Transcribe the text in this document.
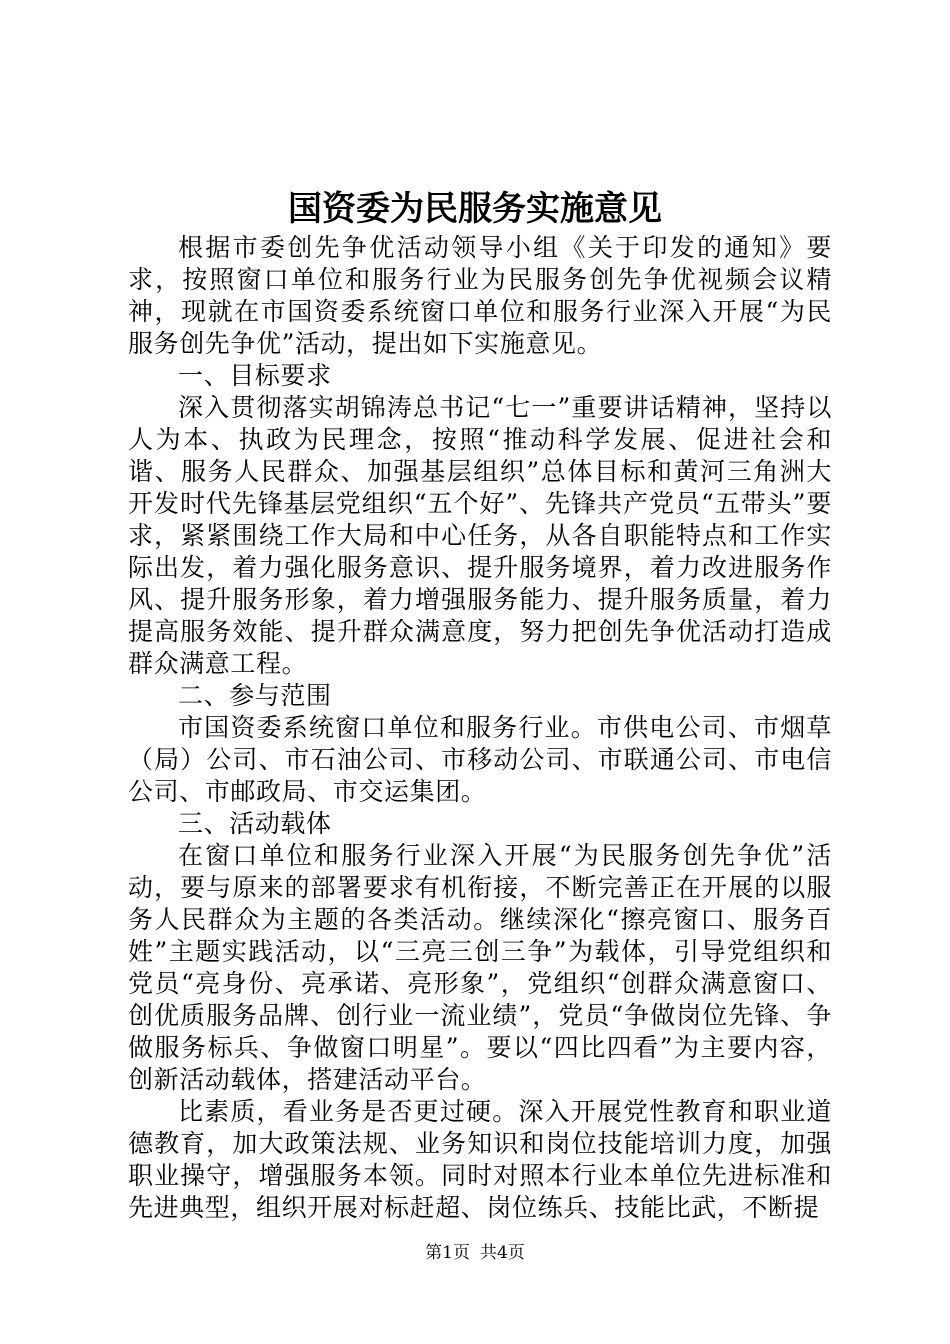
国资委为民服务实施意见

根据市委创先争优活动领导小组《关于印发的通知》要求，按照窗口单位和服务行业为民服务创先争优视频会议精神，现就在市国资委系统窗口单位和服务行业深入开展“为民服务创先争优”活动，提出如下实施意见。

一、目标要求

深入贯彻落实胡锦涛总书记“七一”重要讲话精神，坚持以人为本、执政为民理念，按照“推动科学发展、促进社会和谐、服务人民群众、加强基层组织”总体目标和黄河三角洲大开发时代先锋基层党组织“五个好”、先锋共产党员“五带头”要求，紧紧围绕工作大局和中心任务，从各自职能特点和工作实际出发，着力强化服务意识、提升服务境界，着力改进服务作风、提升服务形象，着力增强服务能力、提升服务质量，着力提高服务效能、提升群众满意度，努力把创先争优活动打造成群众满意工程。

二、参与范围

市国资委系统窗口单位和服务行业。市供电公司、市烟草（局）公司、市石油公司、市移动公司、市联通公司、市电信公司、市邮政局、市交运集团。

三、活动载体

在窗口单位和服务行业深入开展“为民服务创先争优”活动，要与原来的部署要求有机衔接，不断完善正在开展的以服务人民群众为主题的各类活动。继续深化“擦亮窗口、服务百姓”主题实践活动，以“三亮三创三争”为载体，引导党组织和党员“亮身份、亮承诺、亮形象”，党组织“创群众满意窗口、创优质服务品牌、创行业一流业绩”，党员“争做岗位先锋、争做服务标兵、争做窗口明星”。要以“四比四看”为主要内容，创新活动载体，搭建活动平台。

比素质，看业务是否更过硬。深入开展党性教育和职业道德教育，加大政策法规、业务知识和岗位技能培训力度，加强职业操守，增强服务本领。同时对照本行业本单位先进标准和先进典型，组织开展对标赶超、岗位练兵、技能比武，不断提

第1页 共4页
